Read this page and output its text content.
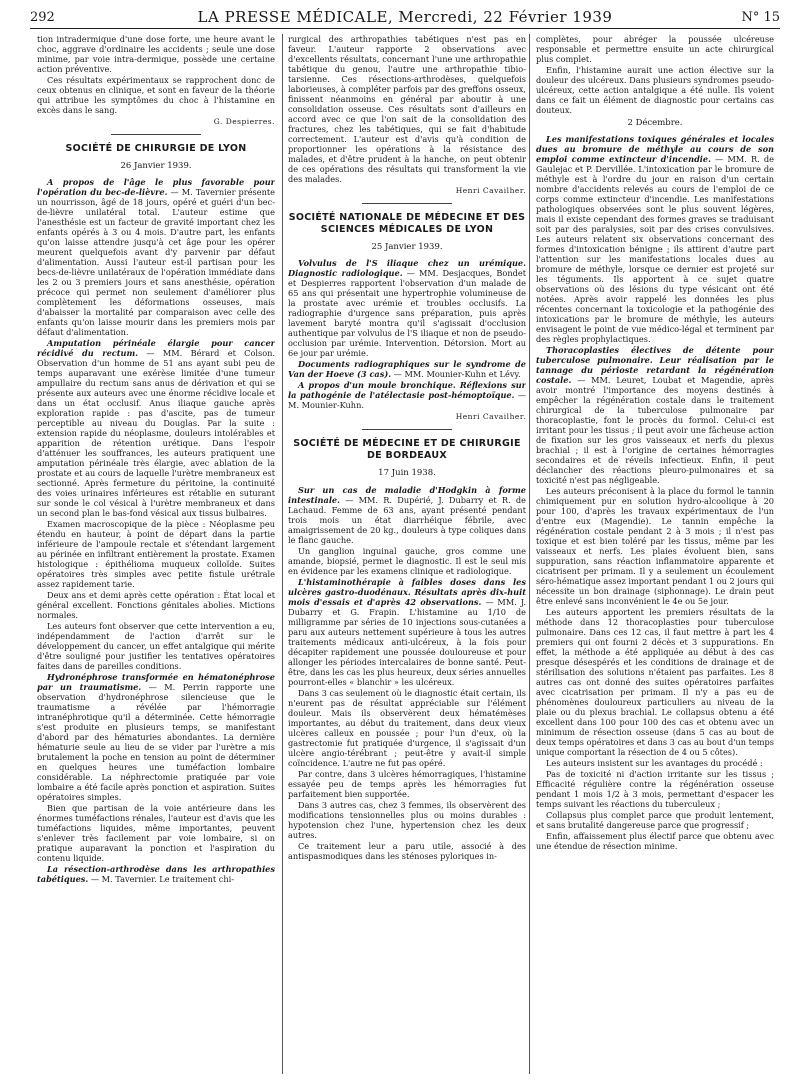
292	LA PRESSE MÉDICALE, Mercredi, 22 Février 1939	N° 15

tion intradermique d'une dose forte, une heure avant le choc, aggrave d'ordinaire les accidents ; seule une dose minime, par voie intra-dermique, possède une certaine action préventive.

Ces résultats expérimentaux se rapprochent donc de ceux obtenus en clinique, et sont en faveur de la théorie qui attribue les symptômes du choc à l'histamine en excès dans le sang.

G. Despierres.
SOCIÉTÉ DE CHIRURGIE DE LYON
26 Janvier 1939.

A propos de l'âge le plus favorable pour l'opération du bec-de-lièvre. — M. Tavernier présente un nourrisson, âgé de 18 jours, opéré et guéri d'un bec-de-lièvre unilatéral total. L'auteur estime que l'anesthésie est un facteur de gravité important chez les enfants opérés à 3 ou 4 mois. D'autre part, les enfants qu'on laisse attendre jusqu'à cet âge pour les opérer meurent quelquefois avant d'y parvenir par défaut d'alimentation. Aussi l'auteur est-il partisan pour les becs-de-lièvre unilatéraux de l'opération immédiate dans les 2 ou 3 premiers jours et sans anesthésie, opération précoce qui permet non seulement d'améliorer plus complètement les déformations osseuses, mais d'abaisser la mortalité par comparaison avec celle des enfants qu'on laisse mourir dans les premiers mois par défaut d'alimentation.

Amputation périnéale élargie pour cancer récidivé du rectum. — MM. Bérard et Colson. Observation d'un homme de 51 ans ayant subi peu de temps auparavant une exérèse limitée d'une tumeur ampullaire du rectum sans anus de dérivation et qui se présente aux auteurs avec une énorme récidive locale et dans un état occlusif. Anus iliaque gauche après exploration rapide : pas d'ascite, pas de tumeur perceptible au niveau du Douglas. Par la suite : extension rapide du néoplasme, douleurs intolérables et apparition de rétention urétique. Dans l'espoir d'atténuer les souffrances, les auteurs pratiquent une amputation périnéale très élargie, avec ablation de la prostate et au cours de laquelle l'urètre membraneux est sectionné. Après fermeture du péritoine, la continuité des voies urinaires inférieures est rétablie en suturant sur sonde le col vésical à l'urètre membraneux et dans un second plan le bas-fond vésical aux tissus bulbaires.

Examen macroscopique de la pièce : Néoplasme peu étendu en hauteur, à point de départ dans la partie inférieure de l'ampoule rectale et s'étendant largement au périnée en infiltrant entièrement la prostate. Examen histologique : épithélioma muqueux colloïde. Suites opératoires très simples avec petite fistule urétrale assez rapidement tarie.

Deux ans et demi après cette opération : État local et général excellent. Fonctions génitales abolies. Mictions normales.

Les auteurs font observer que cette intervention a eu, indépendamment de l'action d'arrêt sur le développement du cancer, un effet antalgique qui mérite d'être souligné pour justifier les tentatives opératoires faites dans de pareilles conditions.

Hydronéphrose transformée en hématonéphrose par un traumatisme. — M. Perrin rapporte une observation d'hydronéphrose silencieuse que le traumatisme a révélée par l'hémorragie intranéphrotique qu'il a déterminée. Cette hémorragie s'est produite en plusieurs temps, se manifestant d'abord par des hématuries abondantes. La dernière hématurie seule au lieu de se vider par l'urètre a mis brutalement la poche en tension au point de déterminer en quelques heures une tuméfaction lombaire considérable. La néphrectomie pratiquée par voie lombaire a été facile après ponction et aspiration. Suites opératoires simples.

Bien que partisan de la voie antérieure dans les énormes tuméfactions rénales, l'auteur est d'avis que les tuméfactions liquides, même importantes, peuvent s'enlever très facilement par voie lombaire, si on pratique auparavant la ponction et l'aspiration du contenu liquide.

La résection-arthrodèse dans les arthropathies tabétiques. — M. Tavernier. Le traitement chi-

rurgical des arthropathies tabétiques n'est pas en faveur. L'auteur rapporte 2 observations avec d'excellents résultats, concernant l'une une arthropathie tabétique du genou, l'autre une arthropathie tibio-tarsienne. Ces résections-arthrodèses, quelquefois laborieuses, à compléter parfois par des greffons osseux, finissent néanmoins en général par aboutir à une consolidation osseuse. Ces résultats sont d'ailleurs en accord avec ce que l'on sait de la consolidation des fractures, chez les tabétiques, qui se fait d'habitude correctement. L'auteur est d'avis qu'à condition de proportionner les opérations à la résistance des malades, et d'être prudent à la hanche, on peut obtenir de ces opérations des résultats qui transforment la vie des malades.

Henri Cavailher.
SOCIÉTÉ NATIONALE DE MÉDECINE ET DES SCIENCES MÉDICALES DE LYON
25 Janvier 1939.

Volvulus de l'S iliaque chez un urémique. Diagnostic radiologique. — MM. Desjacques, Bondet et Despierres rapportent l'observation d'un malade de 65 ans qui présentait une hypertrophie volumineuse de la prostate avec urémie et troubles occlusifs. La radiographie d'urgence sans préparation, puis après lavement baryté montra qu'il s'agissait d'occlusion authentique par volvulus de l'S iliaque et non de pseudo-occlusion par urémie. Intervention. Détorsion. Mort au 6e jour par urémie.

Documents radiographiques sur le syndrome de Van der Hoeve (3 cas). — MM. Mounier-Kuhn et Lévy.

A propos d'un moule bronchique. Réflexions sur la pathogénie de l'atélectasie post-hémoptoïque. — M. Mounier-Kuhn.

Henri Cavailher.
SOCIÉTÉ DE MÉDECINE ET DE CHIRURGIE DE BORDEAUX
17 Juin 1938.

Sur un cas de maladie d'Hodgkin à forme intestinale. — MM. R. Dupérié, J. Dubarry et R. de Lachaud. Femme de 63 ans, ayant présenté pendant trois mois un état diarrhéique fébrile, avec amaigrissement de 20 kg., douleurs à type coliques dans le flanc gauche.

Un ganglion inguinal gauche, gros comme une amande, biopsié, permet le diagnostic. Il est le seul mis en évidence par les examens clinique et radiologique.

L'histaminothérapie à faibles doses dans les ulcères gastro-duodénaux. Résultats après dix-huit mois d'essais et d'après 42 observations. — MM. J. Dubarry et G. Frapin. L'histamine au 1/10 de milligramme par séries de 10 injections sous-cutanées a paru aux auteurs nettement supérieure à tous les autres traitements médicaux anti-ulcéreux, à la fois pour décapiter rapidement une poussée douloureuse et pour allonger les périodes intercalaires de bonne santé. Peut-être, dans les cas les plus heureux, deux séries annuelles pourront-elles « blanchir » les ulcéreux.

Dans 3 cas seulement où le diagnostic était certain, ils n'eurent pas de résultat appréciable sur l'élément douleur. Mais ils observèrent deux hématémèses importantes, au début du traitement, dans deux vieux ulcères calleux en poussée ; pour l'un d'eux, où la gastrectomie fut pratiquée d'urgence, il s'agissait d'un ulcère angio-térébrant ; peut-être y avait-il simple coïncidence. L'autre ne fut pas opéré.

Par contre, dans 3 ulcères hémorragiques, l'histamine essayée peu de temps après les hémorragies fut parfaitement bien supportée.

Dans 3 autres cas, chez 3 femmes, ils observèrent des modifications tensionnelles plus ou moins durables : hypotension chez l'une, hypertension chez les deux autres.

Ce traitement leur a paru utile, associé à des antispasmodiques dans les sténoses pyloriques in-

complètes, pour abréger la poussée ulcéreuse responsable et permettre ensuite un acte chirurgical plus complet.

Enfin, l'histamine aurait une action élective sur la douleur des ulcéreux. Dans plusieurs syndromes pseudo-ulcéreux, cette action antalgique a été nulle. Ils voient dans ce fait un élément de diagnostic pour certains cas douteux.

2 Décembre.

Les manifestations toxiques générales et locales dues au bromure de méthyle au cours de son emploi comme extincteur d'incendie. — MM. R. de Gaulejac et P. Dervillée. L'intoxication par le bromure de méthyle est à l'ordre du jour en raison d'un certain nombre d'accidents relevés au cours de l'emploi de ce corps comme extincteur d'incendie. Les manifestations pathologiques observées sont le plus souvent légères, mais il existe cependant des formes graves se traduisant soit par des paralysies, soit par des crises convulsives. Les auteurs relatent six observations concernant des formes d'intoxication bénigne ; ils attirent d'autre part l'attention sur les manifestations locales dues au bromure de méthyle, lorsque ce dernier est projeté sur les téguments. Ils apportent à ce sujet quatre observations où des lésions du type vésicant ont été notées. Après avoir rappelé les données les plus récentes concernant la toxicologie et la pathogénie des intoxications par le bromure de méthyle, les auteurs envisagent le point de vue médico-légal et terminent par des règles prophylactiques.

Thoracoplasties électives de détente pour tuberculose pulmonaire. Leur réalisation par le tannage du périoste retardant la régénération costale. — MM. Leuret, Loubat et Magendie, après avoir montré l'importance des moyens destinés à empêcher la régénération costale dans le traitement chirurgical de la tuberculose pulmonaire par thoracoplastie, font le procès du formol. Celui-ci est irritant pour les tissus ; il peut avoir une fâcheuse action de fixation sur les gros vaisseaux et nerfs du plexus brachial ; il est à l'origine de certaines hémorragies secondaires et de réveils infectieux. Enfin, il peut déclancher des réactions pleuro-pulmonaires et sa toxicité n'est pas négligeable.

Les auteurs préconisent à la place du formol le tannin chimiquement pur en solution hydro-alcoolique à 20 pour 100, d'après les travaux expérimentaux de l'un d'entre eux (Magendie). Le tannin empêche la régénération costale pendant 2 à 3 mois ; il n'est pas toxique et est bien toléré par les tissus, même par les vaisseaux et nerfs. Les plaies évoluent bien, sans suppuration, sans réaction inflammatoire apparente et cicatrisent per primam. Il y a seulement un écoulement séro-hématique assez important pendant 1 ou 2 jours qui nécessite un bon drainage (siphonnage). Le drain peut être enlevé sans inconvénient le 4e ou 5e jour.

Les auteurs apportent les premiers résultats de la méthode dans 12 thoracoplasties pour tuberculose pulmonaire. Dans ces 12 cas, il faut mettre à part les 4 premiers qui ont fourni 2 décès et 3 suppurations. En effet, la méthode a été appliquée au début à des cas presque désespérés et les conditions de drainage et de stérilisation des solutions n'étaient pas parfaites. Les 8 autres cas ont donné des suites opératoires parfaites avec cicatrisation per primam. Il n'y a pas eu de phénomènes douloureux particuliers au niveau de la plaie ou du plexus brachial. Le collapsus obtenu a été excellent dans 100 pour 100 des cas et obtenu avec un minimum de résection osseuse (dans 5 cas au bout de deux temps opératoires et dans 3 cas au bout d'un temps unique comportant la résection de 4 ou 5 côtes).

Les auteurs insistent sur les avantages du procédé :

Pas de toxicité ni d'action irritante sur les tissus ; Efficacité régulière contre la régénération osseuse pendant 1 mois 1/2 à 3 mois, permettant d'espacer les temps suivant les réactions du tuberculeux ;

Collapsus plus complet parce que produit lentement, et sans brutalité dangereuse parce que progressif ;

Enfin, affaissement plus électif parce que obtenu avec une étendue de résection minime.
